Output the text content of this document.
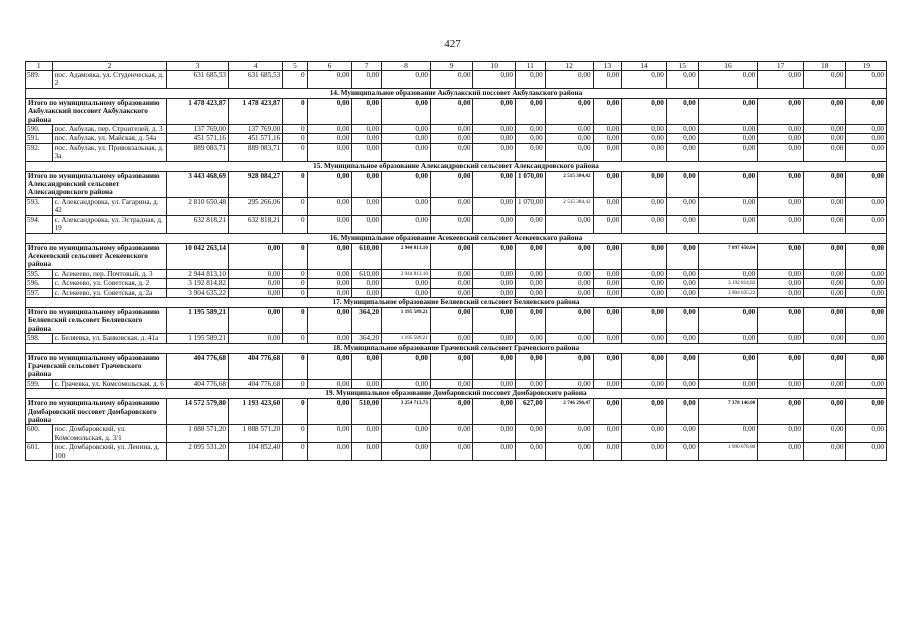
427
1	2	3	4	5	6	7	8	9	10	11	12	13	14	15	16	17	18	19
589.	пос. Адамовка, ул. Студенческая, д. 2	631 685,53	631 685,53	0	0,00	0,00	0,00	0,00	0,00	0,00	0,00	0,00	0,00	0,00	0,00	0,00	0,00	0,00
14. Муниципальное образование Акбулакский поссовет Акбулакского района																		
Итого по муниципальному образованию Акбулакский поссовет Акбулакского района		1 478 423,87	1 478 423,87	0	0,00	0,00	0,00	0,00	0,00	0,00	0,00	0,00	0,00	0,00	0,00	0,00	0,00	0,00
590.	пос. Акбулак, пер. Строителей, д. 3	137 769,00	137 769,00	0	0,00	0,00	0,00	0,00	0,00	0,00	0,00	0,00	0,00	0,00	0,00	0,00	0,00	0,00
591.	пос. Акбулак, ул. Майская, д. 54а	451 571,16	451 571,16	0	0,00	0,00	0,00	0,00	0,00	0,00	0,00	0,00	0,00	0,00	0,00	0,00	0,00	0,00
592.	пос. Акбулак, ул. Привокзальная, д. 3а	889 083,71	889 083,71	0	0,00	0,00	0,00	0,00	0,00	0,00	0,00	0,00	0,00	0,00	0,00	0,00	0,00	0,00
15. Муниципальное образование Александровский сельсовет Александровского района																		
Итого по муниципальному образованию Александровский сельсовет Александровского района		3 443 468,69	928 084,27	0	0,00	0,00	0,00	0,00	0,00	1 070,00	2 515 384,42	0,00	0,00	0,00	0,00	0,00	0,00	0,00
593.	с. Александровка, ул. Гагарина, д. 42	2 810 650,48	295 266,06	0	0,00	0,00	0,00	0,00	0,00	1 070,00	2 515 384,42	0,00	0,00	0,00	0,00	0,00	0,00	0,00
594.	с. Александровка, ул. Эстрадная, д. 19	632 818,21	632 818,21	0	0,00	0,00	0,00	0,00	0,00	0,00	0,00	0,00	0,00	0,00	0,00	0,00	0,00	0,00
16. Муниципальное образование Асекеевский сельсовет Асекеевского района																		
Итого по муниципальному образованию Асекеевский сельсовет Асекеевского района		10 042 263,14	0,00	0	0,00	610,00	2 944 813,10	0,00	0,00	0,00	0,00	0,00	0,00	0,00	7 097 450,04	0,00	0,00	0,00
595.	с. Асекеево, пер. Почтовый, д. 3	2 944 813,10	0,00	0	0,00	610,00	2 944 813,10	0,00	0,00	0,00	0,00	0,00	0,00	0,00	0,00	0,00	0,00	0,00
596.	с. Асекеево, ул. Советская, д. 2	3 192 814,82	0,00	0	0,00	0,00	0,00	0,00	0,00	0,00	0,00	0,00	0,00	0,00	3 192 814,82	0,00	0,00	0,00
597.	с. Асекеево, ул. Советская, д. 2а	3 904 635,22	0,00	0	0,00	0,00	0,00	0,00	0,00	0,00	0,00	0,00	0,00	0,00	3 904 635,22	0,00	0,00	0,00
17. Муниципальное образование Беляевский сельсовет Беляевского района																		
Итого по муниципальному образованию Беляевский сельсовет Беляевского района		1 195 589,21	0,00	0	0,00	364,20	1 195 589,21	0,00	0,00	0,00	0,00	0,00	0,00	0,00	0,00	0,00	0,00	0,00
598.	с. Беляевка, ул. Банковская, д. 41а	1 195 589,21	0,00	0	0,00	364,20	1 195 589,21	0,00	0,00	0,00	0,00	0,00	0,00	0,00	0,00	0,00	0,00	0,00
18. Муниципальное образование Грачевский сельсовет Грачевского района																		
Итого по муниципальному образованию Грачевский сельсовет Грачевского района		404 776,68	404 776,68	0	0,00	0,00	0,00	0,00	0,00	0,00	0,00	0,00	0,00	0,00	0,00	0,00	0,00	0,00
599.	с. Грачевка, ул. Комсомольская, д. 6	404 776,68	404 776,68	0	0,00	0,00	0,00	0,00	0,00	0,00	0,00	0,00	0,00	0,00	0,00	0,00	0,00	0,00
19. Муниципальное образование Домбаровский поссовет Домбаровского района																		
Итого по муниципальному образованию Домбаровский поссовет Домбаровского района		14 572 579,80	1 193 423,60	0	0,00	510,00	3 254 713,73	0,00	0,00	627,00	2 746 296,47	0,00	0,00	0,00	7 378 146,00	0,00	0,00	0,00
600.	пос. Домбаровский, ул. Комсомольская, д. 3/1	1 088 571,20	1 088 571,20	0	0,00	0,00	0,00	0,00	0,00	0,00	0,00	0,00	0,00	0,00	0,00	0,00	0,00	0,00
601.	пос. Домбаровский, ул. Ленина, д. 100	2 095 531,20	104 852,40	0	0,00	0,00	0,00	0,00	0,00	0,00	0,00	0,00	0,00	0,00	1 990 678,80	0,00	0,00	0,00
